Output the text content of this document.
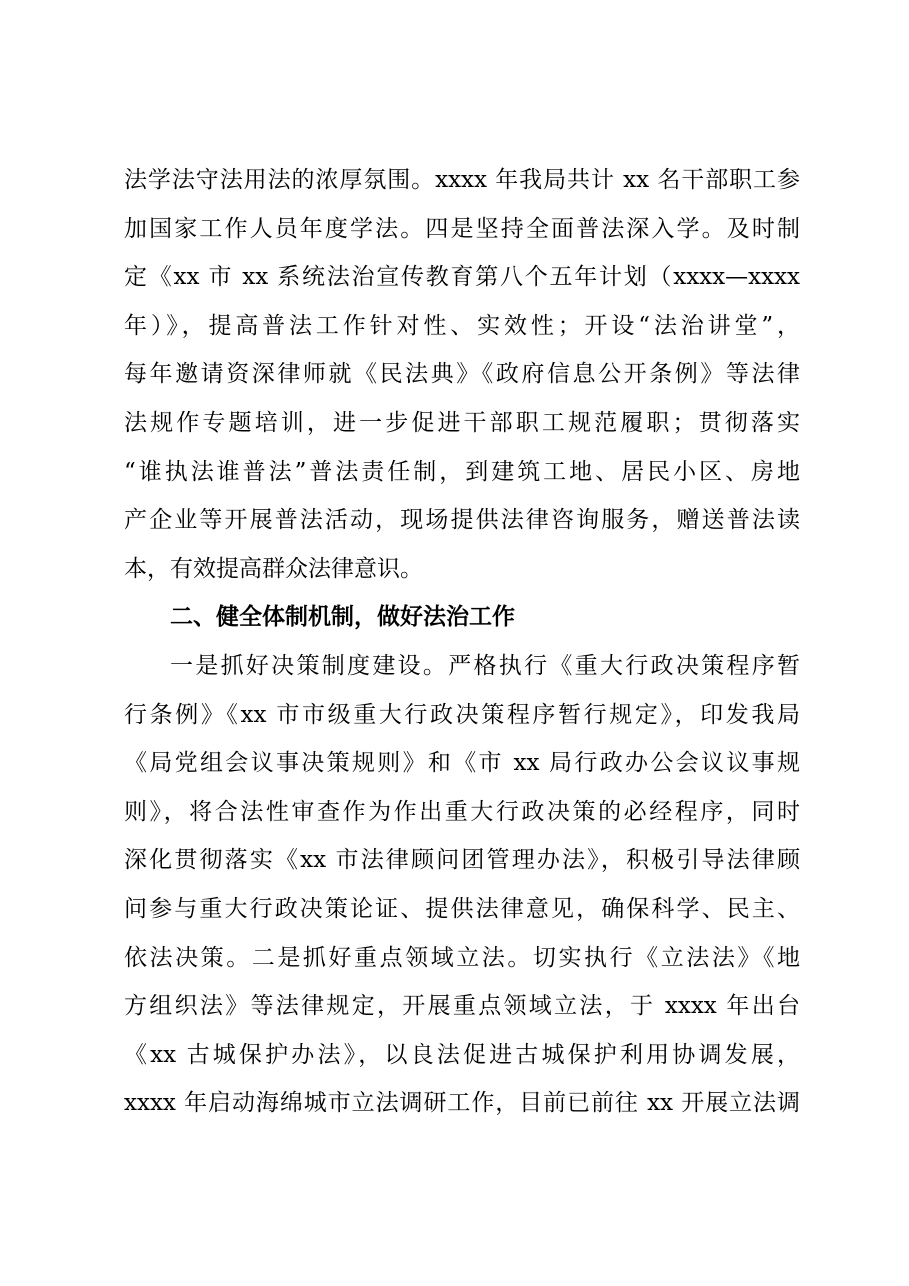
法学法守法用法的浓厚氛围。xxxx 年我局共计 xx 名干部职工参
加国家工作人员年度学法。四是坚持全面普法深入学。及时制
定《xx 市 xx 系统法治宣传教育第八个五年计划（xxxx—xxxx
年）》，提高普法工作针对性、实效性；开设“法治讲堂”，
每年邀请资深律师就《民法典》《政府信息公开条例》等法律
法规作专题培训，进一步促进干部职工规范履职；贯彻落实
“谁执法谁普法”普法责任制，到建筑工地、居民小区、房地
产企业等开展普法活动，现场提供法律咨询服务，赠送普法读
本，有效提高群众法律意识。
二、健全体制机制，做好法治工作
一是抓好决策制度建设。严格执行《重大行政决策程序暂
行条例》《xx 市市级重大行政决策程序暂行规定》，印发我局
《局党组会议事决策规则》和《市 xx 局行政办公会议议事规
则》，将合法性审查作为作出重大行政决策的必经程序，同时
深化贯彻落实《xx 市法律顾问团管理办法》，积极引导法律顾
问参与重大行政决策论证、提供法律意见，确保科学、民主、
依法决策。二是抓好重点领域立法。切实执行《立法法》《地
方组织法》等法律规定，开展重点领域立法，于 xxxx 年出台
《xx 古城保护办法》，以良法促进古城保护利用协调发展，
xxxx 年启动海绵城市立法调研工作，目前已前往 xx 开展立法调
